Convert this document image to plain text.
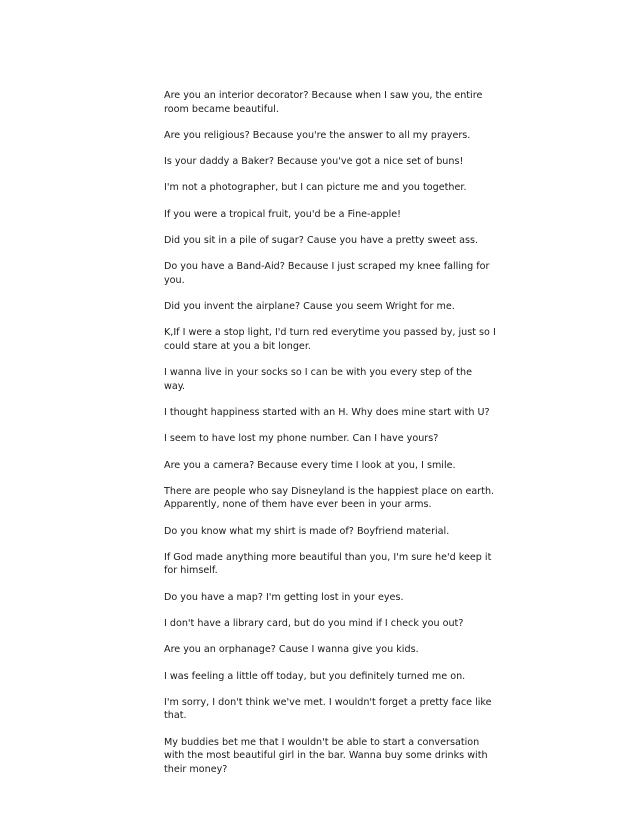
Are you an interior decorator? Because when I saw you, the entire room became beautiful.

Are you religious? Because you're the answer to all my prayers.

Is your daddy a Baker? Because you've got a nice set of buns!

I'm not a photographer, but I can picture me and you together.

If you were a tropical fruit, you'd be a Fine-apple!

Did you sit in a pile of sugar? Cause you have a pretty sweet ass.

Do you have a Band-Aid? Because I just scraped my knee falling for you.

Did you invent the airplane? Cause you seem Wright for me.

K,If I were a stop light, I'd turn red everytime you passed by, just so I could stare at you a bit longer.

I wanna live in your socks so I can be with you every step of the way.

I thought happiness started with an H. Why does mine start with U?

I seem to have lost my phone number. Can I have yours?

Are you a camera? Because every time I look at you, I smile.

There are people who say Disneyland is the happiest place on earth. Apparently, none of them have ever been in your arms.

Do you know what my shirt is made of? Boyfriend material.

If God made anything more beautiful than you, I'm sure he'd keep it for himself.

Do you have a map? I'm getting lost in your eyes.

I don't have a library card, but do you mind if I check you out?

Are you an orphanage? Cause I wanna give you kids.

I was feeling a little off today, but you definitely turned me on.

I'm sorry, I don't think we've met. I wouldn't forget a pretty face like that.

My buddies bet me that I wouldn't be able to start a conversation with the most beautiful girl in the bar. Wanna buy some drinks with their money?
